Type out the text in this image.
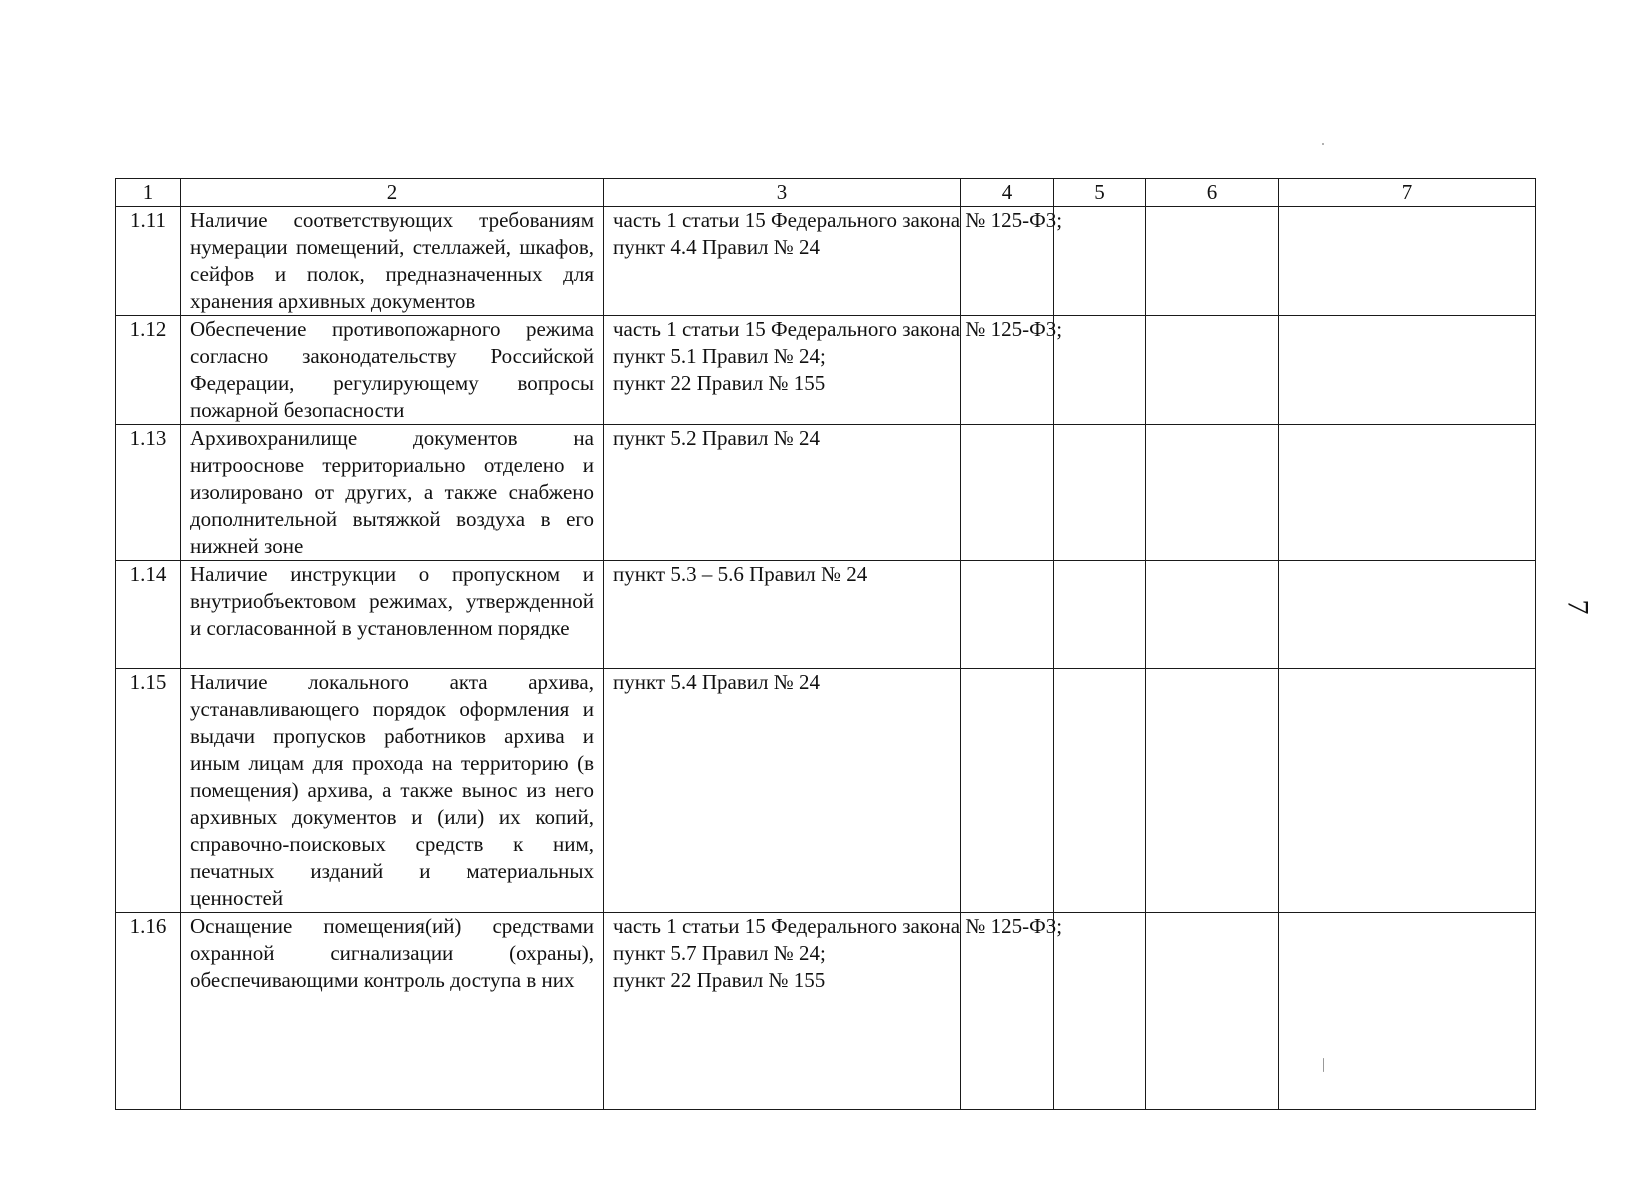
1	2	3	4	5	6	7
1.11	Наличие соответствующих требованиям нумерации помещений, стеллажей, шкафов, сейфов и полок, предназначенных для хранения архивных документов	часть 1 статьи 15 Федерального закона № 125-ФЗ;
пункт 4.4 Правил № 24				

1.12	Обеспечение противопожарного режима согласно законодательству Российской Федерации, регулирующему вопросы пожарной безопасности	часть 1 статьи 15 Федерального закона № 125-ФЗ;
пункт 5.1 Правил № 24;
пункт 22 Правил № 155				

1.13	Архивохранилище документов на нитрооснове территориально отделено и изолировано от других, а также снабжено дополнительной вытяжкой воздуха в его нижней зоне	пункт 5.2 Правил № 24				

1.14	Наличие инструкции о пропускном и внутриобъектовом режимах, утвержденной и согласованной в установленном порядке	пункт 5.3 – 5.6 Правил № 24				

1.15	Наличие локального акта архива, устанавливающего порядок оформления и выдачи пропусков работников архива и иным лицам для прохода на территорию (в помещения) архива, а также вынос из него архивных документов и (или) их копий, справочно-поисковых средств к ним, печатных изданий и материальных ценностей	пункт 5.4 Правил № 24				

1.16	Оснащение помещения(ий) средствами охранной сигнализации (охраны), обеспечивающими контроль доступа в них	часть 1 статьи 15 Федерального закона № 125-ФЗ;
пункт 5.7 Правил № 24;
пункт 22 Правил № 155				

7
